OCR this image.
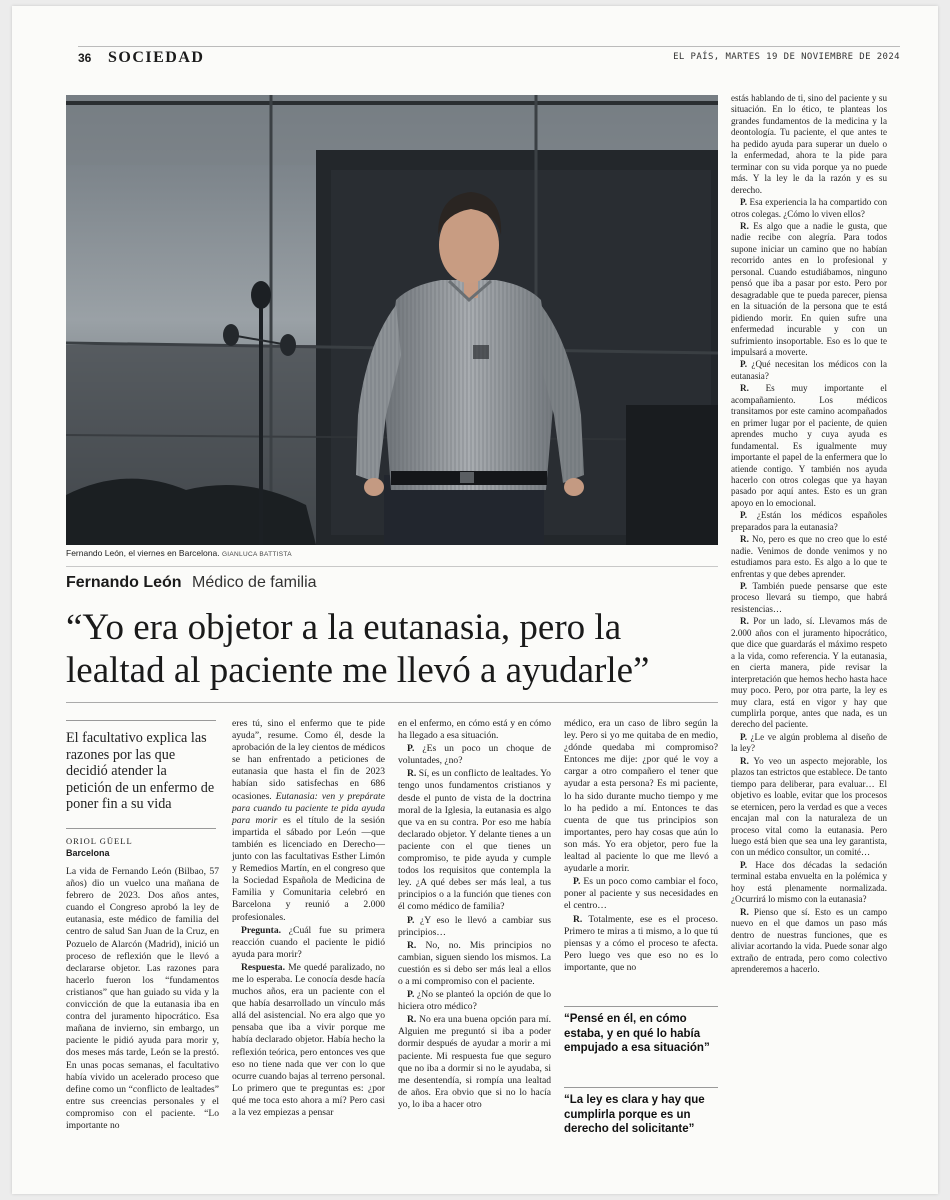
36 SOCIEDAD	EL PAÍS, MARTES 19 DE NOVIEMBRE DE 2024
Fernando León, el viernes en Barcelona. GIANLUCA BATTISTA
Fernando León Médico de familia
“Yo era objetor a la eutanasia, pero la lealtad al paciente me llevó a ayudarle”
El facultativo explica las razones por las que decidió atender la petición de un enfermo de poner fin a su vida
ORIOL GÜELL
Barcelona

La vida de Fernando León (Bilbao, 57 años) dio un vuelco una mañana de febrero de 2023. Dos años antes, cuando el Congreso aprobó la ley de eutanasia, este médico de familia del centro de salud San Juan de la Cruz, en Pozuelo de Alarcón (Madrid), inició un proceso de reflexión que le llevó a declararse objetor. Las razones para hacerlo fueron los “fundamentos cristianos” que han guiado su vida y la convicción de que la eutanasia iba en contra del juramento hipocrático. Esa mañana de invierno, sin embargo, un paciente le pidió ayuda para morir y, dos meses más tarde, León se la prestó. En unas pocas semanas, el facultativo había vivido un acelerado proceso que define como un “conflicto de lealtades” entre sus creencias personales y el compromiso con el paciente. “Lo importante no

eres tú, sino el enfermo que te pide ayuda”, resume. Como él, desde la aprobación de la ley cientos de médicos se han enfrentado a peticiones de eutanasia que hasta el fin de 2023 habían sido satisfechas en 686 ocasiones. Eutanasia: ven y prepárate para cuando tu paciente te pida ayuda para morir es el título de la sesión impartida el sábado por León —que también es licenciado en Derecho— junto con las facultativas Esther Limón y Remedios Martín, en el congreso que la Sociedad Española de Medicina de Familia y Comunitaria celebró en Barcelona y reunió a 2.000 profesionales.

Pregunta. ¿Cuál fue su primera reacción cuando el paciente le pidió ayuda para morir?

Respuesta. Me quedé paralizado, no me lo esperaba. Le conocía desde hacía muchos años, era un paciente con el que había desarrollado un vínculo más allá del asistencial. No era algo que yo pensaba que iba a vivir porque me había declarado objetor. Había hecho la reflexión teórica, pero entonces ves que eso no tiene nada que ver con lo que ocurre cuando bajas al terreno personal. Lo primero que te preguntas es: ¿por qué me toca esto ahora a mí? Pero casi a la vez empiezas a pensar

en el enfermo, en cómo está y en cómo ha llegado a esa situación.

P. ¿Es un poco un choque de voluntades, ¿no?

R. Sí, es un conflicto de lealtades. Yo tengo unos fundamentos cristianos y desde el punto de vista de la doctrina moral de la Iglesia, la eutanasia es algo que va en su contra. Por eso me había declarado objetor. Y delante tienes a un paciente con el que tienes un compromiso, te pide ayuda y cumple todos los requisitos que contempla la ley. ¿A qué debes ser más leal, a tus principios o a la función que tienes con él como médico de familia?

P. ¿Y eso le llevó a cambiar sus principios…

R. No, no. Mis principios no cambian, siguen siendo los mismos. La cuestión es si debo ser más leal a ellos o a mi compromiso con el paciente.

P. ¿No se planteó la opción de que lo hiciera otro médico?

R. No era una buena opción para mí. Alguien me preguntó si iba a poder dormir después de ayudar a morir a mi paciente. Mi respuesta fue que seguro que no iba a dormir si no le ayudaba, si me desentendía, si rompía una lealtad de años. Era obvio que si no lo hacía yo, lo iba a hacer otro

médico, era un caso de libro según la ley. Pero si yo me quitaba de en medio, ¿dónde quedaba mi compromiso? Entonces me dije: ¿por qué le voy a cargar a otro compañero el tener que ayudar a esta persona? Es mi paciente, lo ha sido durante mucho tiempo y me lo ha pedido a mí. Entonces te das cuenta de que tus principios son importantes, pero hay cosas que aún lo son más. Yo era objetor, pero fue la lealtad al paciente lo que me llevó a ayudarle a morir.

P. Es un poco como cambiar el foco, poner al paciente y sus necesidades en el centro…

R. Totalmente, ese es el proceso. Primero te miras a ti mismo, a lo que tú piensas y a cómo el proceso te afecta. Pero luego ves que eso no es lo importante, que no

“Pensé en él, en cómo estaba, y en qué lo había empujado a esa situación”
“La ley es clara y hay que cumplirla porque es un derecho del solicitante”

estás hablando de ti, sino del paciente y su situación. En lo ético, te planteas los grandes fundamentos de la medicina y la deontología. Tu paciente, el que antes te ha pedido ayuda para superar un duelo o la enfermedad, ahora te la pide para terminar con su vida porque ya no puede más. Y la ley le da la razón y es su derecho.

P. Esa experiencia la ha compartido con otros colegas. ¿Cómo lo viven ellos?

R. Es algo que a nadie le gusta, que nadie recibe con alegría. Para todos supone iniciar un camino que no habían recorrido antes en lo profesional y personal. Cuando estudiábamos, ninguno pensó que iba a pasar por esto. Pero por desagradable que te pueda parecer, piensa en la situación de la persona que te está pidiendo morir. En quien sufre una enfermedad incurable y con un sufrimiento insoportable. Eso es lo que te impulsará a moverte.

P. ¿Qué necesitan los médicos con la eutanasia?

R. Es muy importante el acompañamiento. Los médicos transitamos por este camino acompañados en primer lugar por el paciente, de quien aprendes mucho y cuya ayuda es fundamental. Es igualmente muy importante el papel de la enfermera que lo atiende contigo. Y también nos ayuda hacerlo con otros colegas que ya hayan pasado por aquí antes. Esto es un gran apoyo en lo emocional.

P. ¿Están los médicos españoles preparados para la eutanasia?

R. No, pero es que no creo que lo esté nadie. Venimos de donde venimos y no estudiamos para esto. Es algo a lo que te enfrentas y que debes aprender.

P. También puede pensarse que este proceso llevará su tiempo, que habrá resistencias…

R. Por un lado, sí. Llevamos más de 2.000 años con el juramento hipocrático, que dice que guardarás el máximo respeto a la vida, como referencia. Y la eutanasia, en cierta manera, pide revisar la interpretación que hemos hecho hasta hace muy poco. Pero, por otra parte, la ley es muy clara, está en vigor y hay que cumplirla porque, antes que nada, es un derecho del paciente.

P. ¿Le ve algún problema al diseño de la ley?

R. Yo veo un aspecto mejorable, los plazos tan estrictos que establece. De tanto tiempo para deliberar, para evaluar… El objetivo es loable, evitar que los procesos se eternicen, pero la verdad es que a veces encajan mal con la naturaleza de un proceso vital como la eutanasia. Pero luego está bien que sea una ley garantista, con un médico consultor, un comité…

P. Hace dos décadas la sedación terminal estaba envuelta en la polémica y hoy está plenamente normalizada. ¿Ocurrirá lo mismo con la eutanasia?

R. Pienso que sí. Esto es un campo nuevo en el que damos un paso más dentro de nuestras funciones, que es aliviar acortando la vida. Puede sonar algo extraño de entrada, pero como colectivo aprenderemos a hacerlo.
